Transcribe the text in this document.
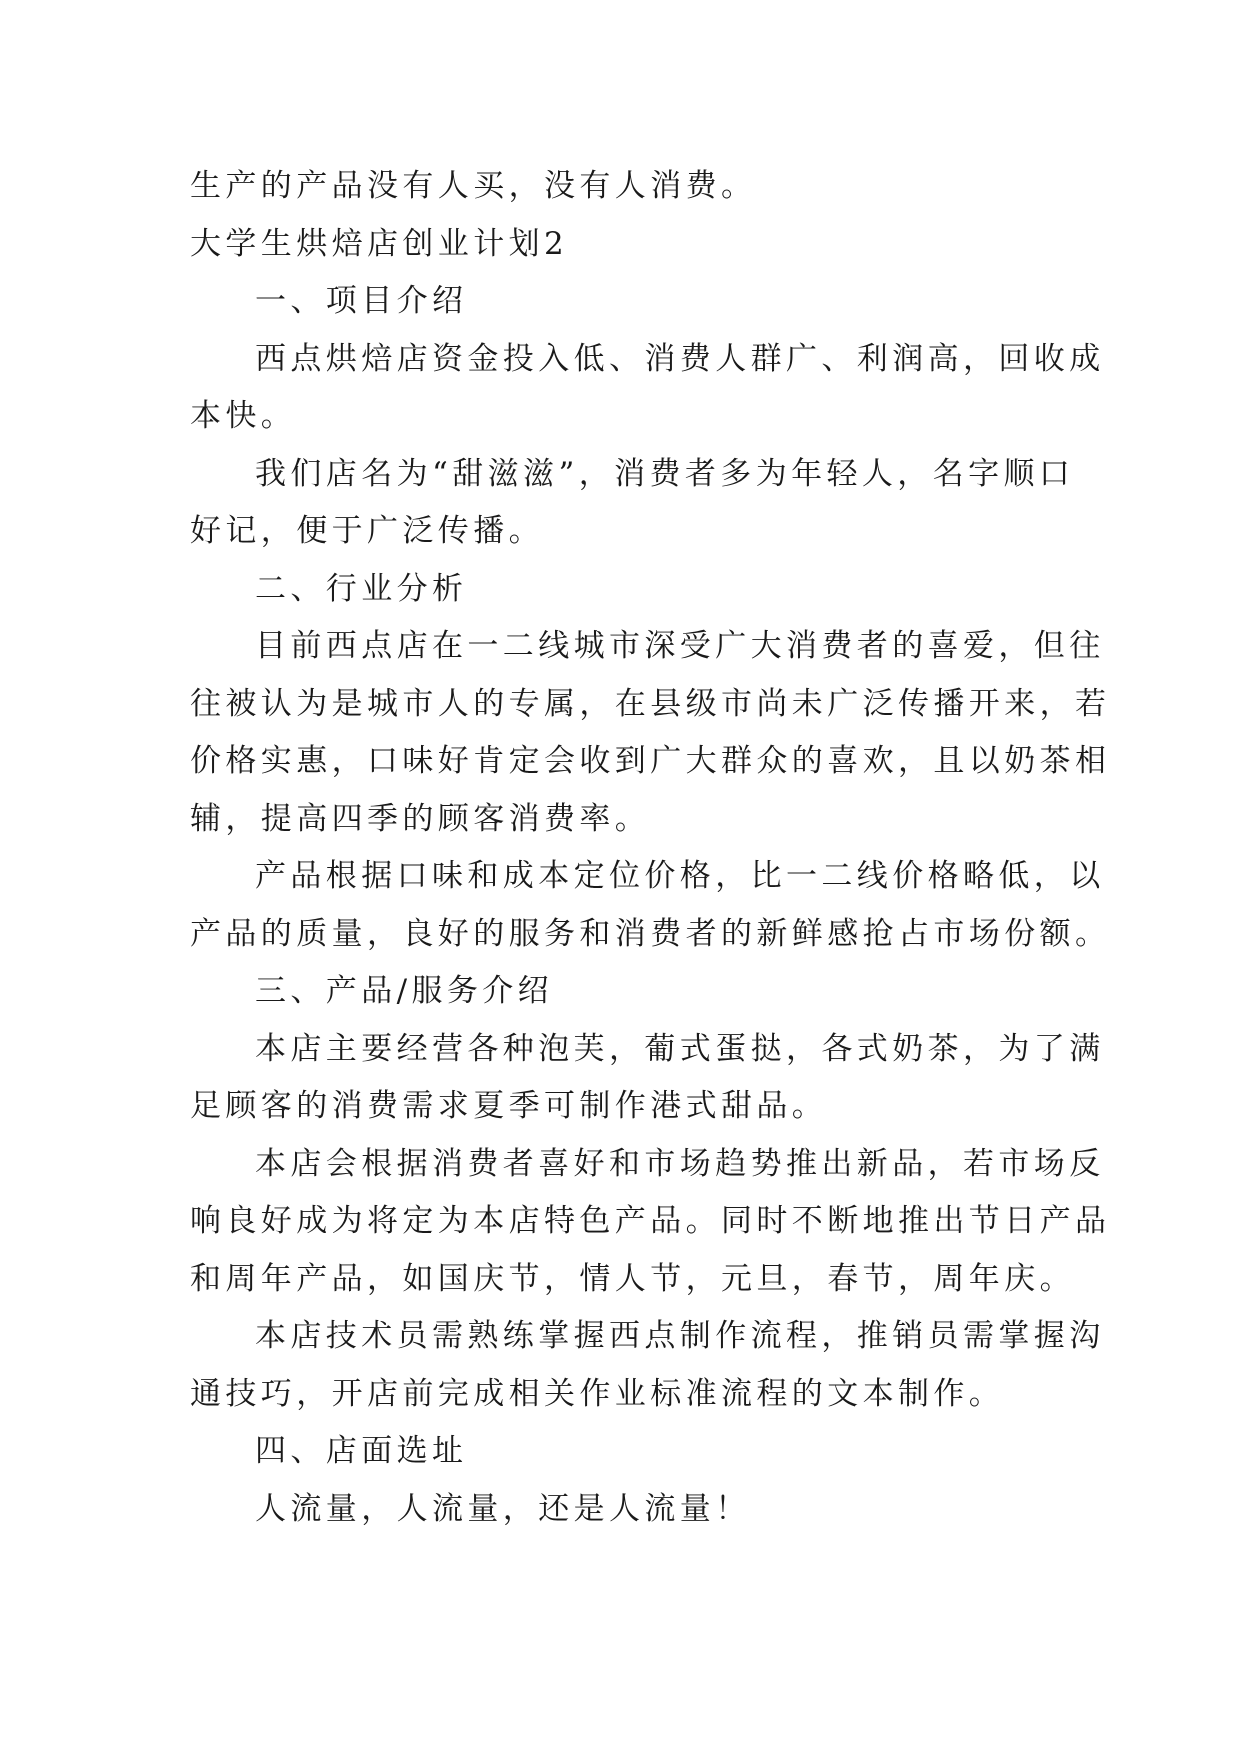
生产的产品没有人买，没有人消费。
大学生烘焙店创业计划2
一、项目介绍
西点烘焙店资金投入低、消费人群广、利润高，回收成
本快。
我们店名为“甜滋滋”，消费者多为年轻人，名字顺口
好记，便于广泛传播。
二、行业分析
目前西点店在一二线城市深受广大消费者的喜爱，但往
往被认为是城市人的专属，在县级市尚未广泛传播开来，若
价格实惠，口味好肯定会收到广大群众的喜欢，且以奶茶相
辅，提高四季的顾客消费率。
产品根据口味和成本定位价格，比一二线价格略低，以
产品的质量，良好的服务和消费者的新鲜感抢占市场份额。
三、产品/服务介绍
本店主要经营各种泡芙，葡式蛋挞，各式奶茶，为了满
足顾客的消费需求夏季可制作港式甜品。
本店会根据消费者喜好和市场趋势推出新品，若市场反
响良好成为将定为本店特色产品。同时不断地推出节日产品
和周年产品，如国庆节，情人节，元旦，春节，周年庆。
本店技术员需熟练掌握西点制作流程，推销员需掌握沟
通技巧，开店前完成相关作业标准流程的文本制作。
四、店面选址
人流量，人流量，还是人流量！
